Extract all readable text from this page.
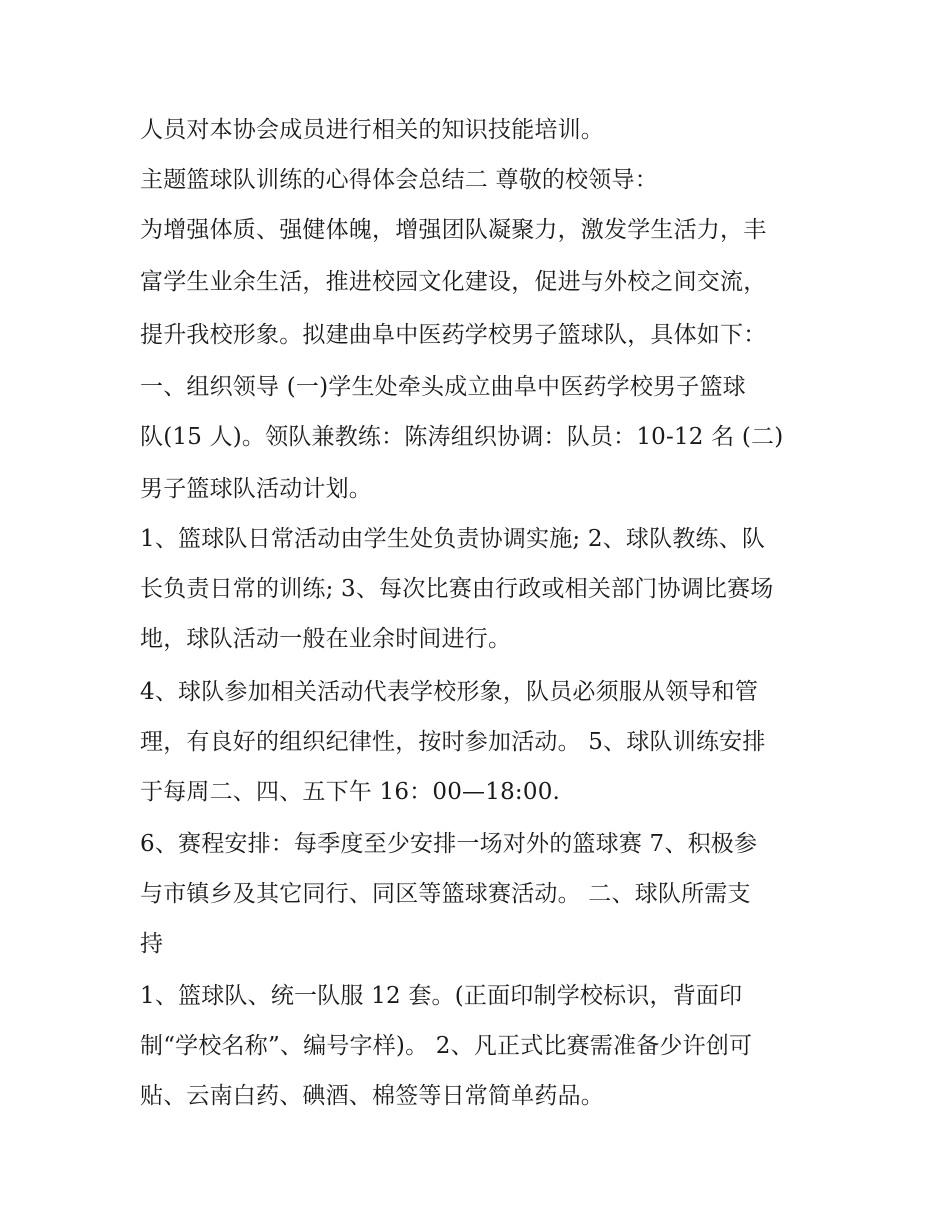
人员对本协会成员进行相关的知识技能培训。
主题篮球队训练的心得体会总结二 尊敬的校领导：
为增强体质、强健体魄，增强团队凝聚力，激发学生活力，丰
富学生业余生活，推进校园文化建设，促进与外校之间交流，
提升我校形象。拟建曲阜中医药学校男子篮球队，具体如下：
一、组织领导 (一)学生处牵头成立曲阜中医药学校男子篮球
队(15 人)。领队兼教练：陈涛组织协调：队员：10-12 名 (二)
男子篮球队活动计划。
1、篮球队日常活动由学生处负责协调实施; 2、球队教练、队
长负责日常的训练; 3、每次比赛由行政或相关部门协调比赛场
地，球队活动一般在业余时间进行。
4、球队参加相关活动代表学校形象，队员必须服从领导和管
理，有良好的组织纪律性，按时参加活动。 5、球队训练安排
于每周二、四、五下午 16：00—18:00.
6、赛程安排：每季度至少安排一场对外的篮球赛 7、积极参
与市镇乡及其它同行、同区等篮球赛活动。 二、球队所需支
持
1、篮球队、统一队服 12 套。(正面印制学校标识，背面印
制“学校名称”、编号字样)。 2、凡正式比赛需准备少许创可
贴、云南白药、碘酒、棉签等日常简单药品。
